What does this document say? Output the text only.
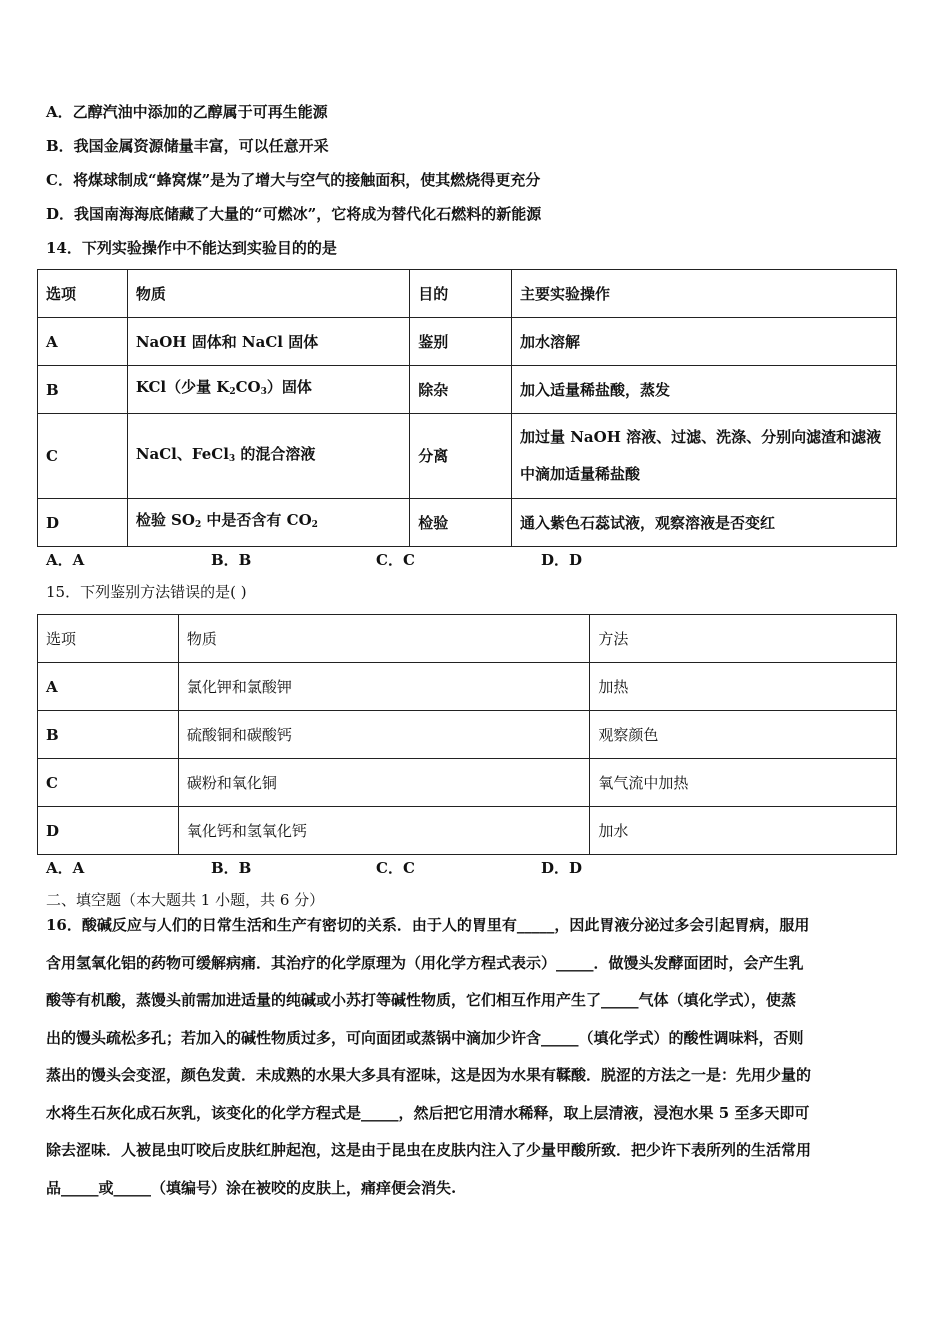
A．乙醇汽油中添加的乙醇属于可再生能源
B．我国金属资源储量丰富，可以任意开采
C．将煤球制成“蜂窝煤”是为了增大与空气的接触面积，使其燃烧得更充分
D．我国南海海底储藏了大量的“可燃冰”，它将成为替代化石燃料的新能源
14．下列实验操作中不能达到实验目的的是
选项	物质	目的	主要实验操作
A	NaOH 固体和 NaCl 固体	鉴别	加水溶解
B	KCl（少量 $K_2CO_3$）固体	除杂	加入适量稀盐酸，蒸发
C	NaCl、FeCl$_3$ 的混合溶液	分离	加过量 NaOH 溶液、过滤、洗涤、分别向滤渣和滤液
中滴加适量稀盐酸

D	检验 $SO_2$ 中是否含有 $CO_2$	检验	通入紫色石蕊试液，观察溶液是否变红
A．A	B．B	C．C	D．D
15．下列鉴别方法错误的是( )
选项	物质	方法
A	氯化钾和氯酸钾	加热
B	硫酸铜和碳酸钙	观察颜色
C	碳粉和氧化铜	氧气流中加热
D	氧化钙和氢氧化钙	加水
A．A	B．B	C．C	D．D
二、填空题（本大题共 1 小题，共 6 分）
16．酸碱反应与人们的日常生活和生产有密切的关系．由于人的胃里有_____，因此胃液分泌过多会引起胃病，服用
含用氢氧化铝的药物可缓解病痛．其治疗的化学原理为（用化学方程式表示）_____．做馒头发酵面团时，会产生乳
酸等有机酸，蒸馒头前需加进适量的纯碱或小苏打等碱性物质，它们相互作用产生了_____气体（填化学式），使蒸
出的馒头疏松多孔；若加入的碱性物质过多，可向面团或蒸锅中滴加少许含_____（填化学式）的酸性调味料，否则
蒸出的馒头会变涩，颜色发黄．未成熟的水果大多具有涩味，这是因为水果有鞣酸．脱涩的方法之一是：先用少量的
水将生石灰化成石灰乳，该变化的化学方程式是_____，然后把它用清水稀释，取上层清液，浸泡水果 5 至多天即可
除去涩味．人被昆虫叮咬后皮肤红肿起泡，这是由于昆虫在皮肤内注入了少量甲酸所致．把少许下表所列的生活常用
品_____或_____（填编号）涂在被咬的皮肤上，痛痒便会消失.
